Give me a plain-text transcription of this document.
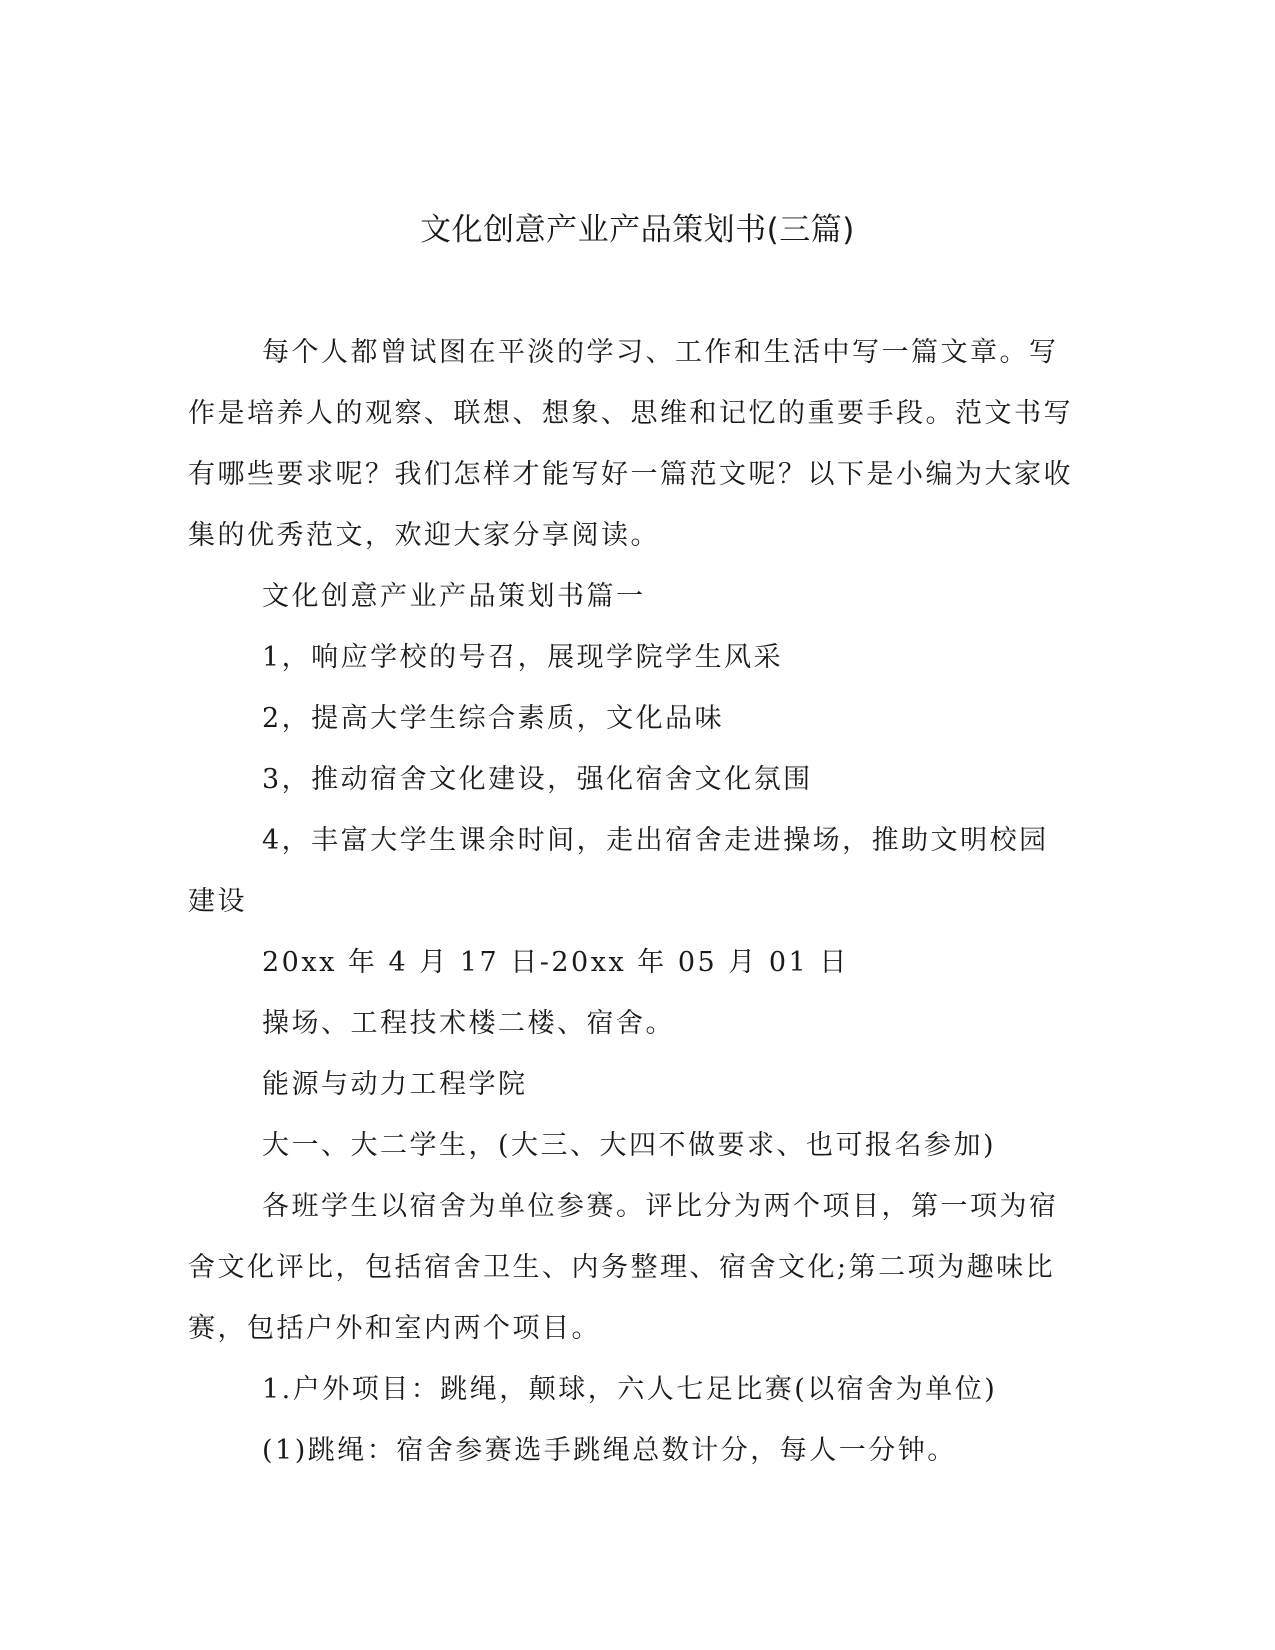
文化创意产业产品策划书(三篇)

每个人都曾试图在平淡的学习、工作和生活中写一篇文章。写作是培养人的观察、联想、想象、思维和记忆的重要手段。范文书写有哪些要求呢？我们怎样才能写好一篇范文呢？以下是小编为大家收集的优秀范文，欢迎大家分享阅读。

文化创意产业产品策划书篇一

1，响应学校的号召，展现学院学生风采

2，提高大学生综合素质，文化品味

3，推动宿舍文化建设，强化宿舍文化氛围

4，丰富大学生课余时间，走出宿舍走进操场，推助文明校园建设

20xx 年 4 月 17 日-20xx 年 05 月 01 日

操场、工程技术楼二楼、宿舍。

能源与动力工程学院

大一、大二学生，(大三、大四不做要求、也可报名参加)

各班学生以宿舍为单位参赛。评比分为两个项目，第一项为宿舍文化评比，包括宿舍卫生、内务整理、宿舍文化;第二项为趣味比赛，包括户外和室内两个项目。

1.户外项目：跳绳，颠球，六人七足比赛(以宿舍为单位)

(1)跳绳：宿舍参赛选手跳绳总数计分，每人一分钟。
